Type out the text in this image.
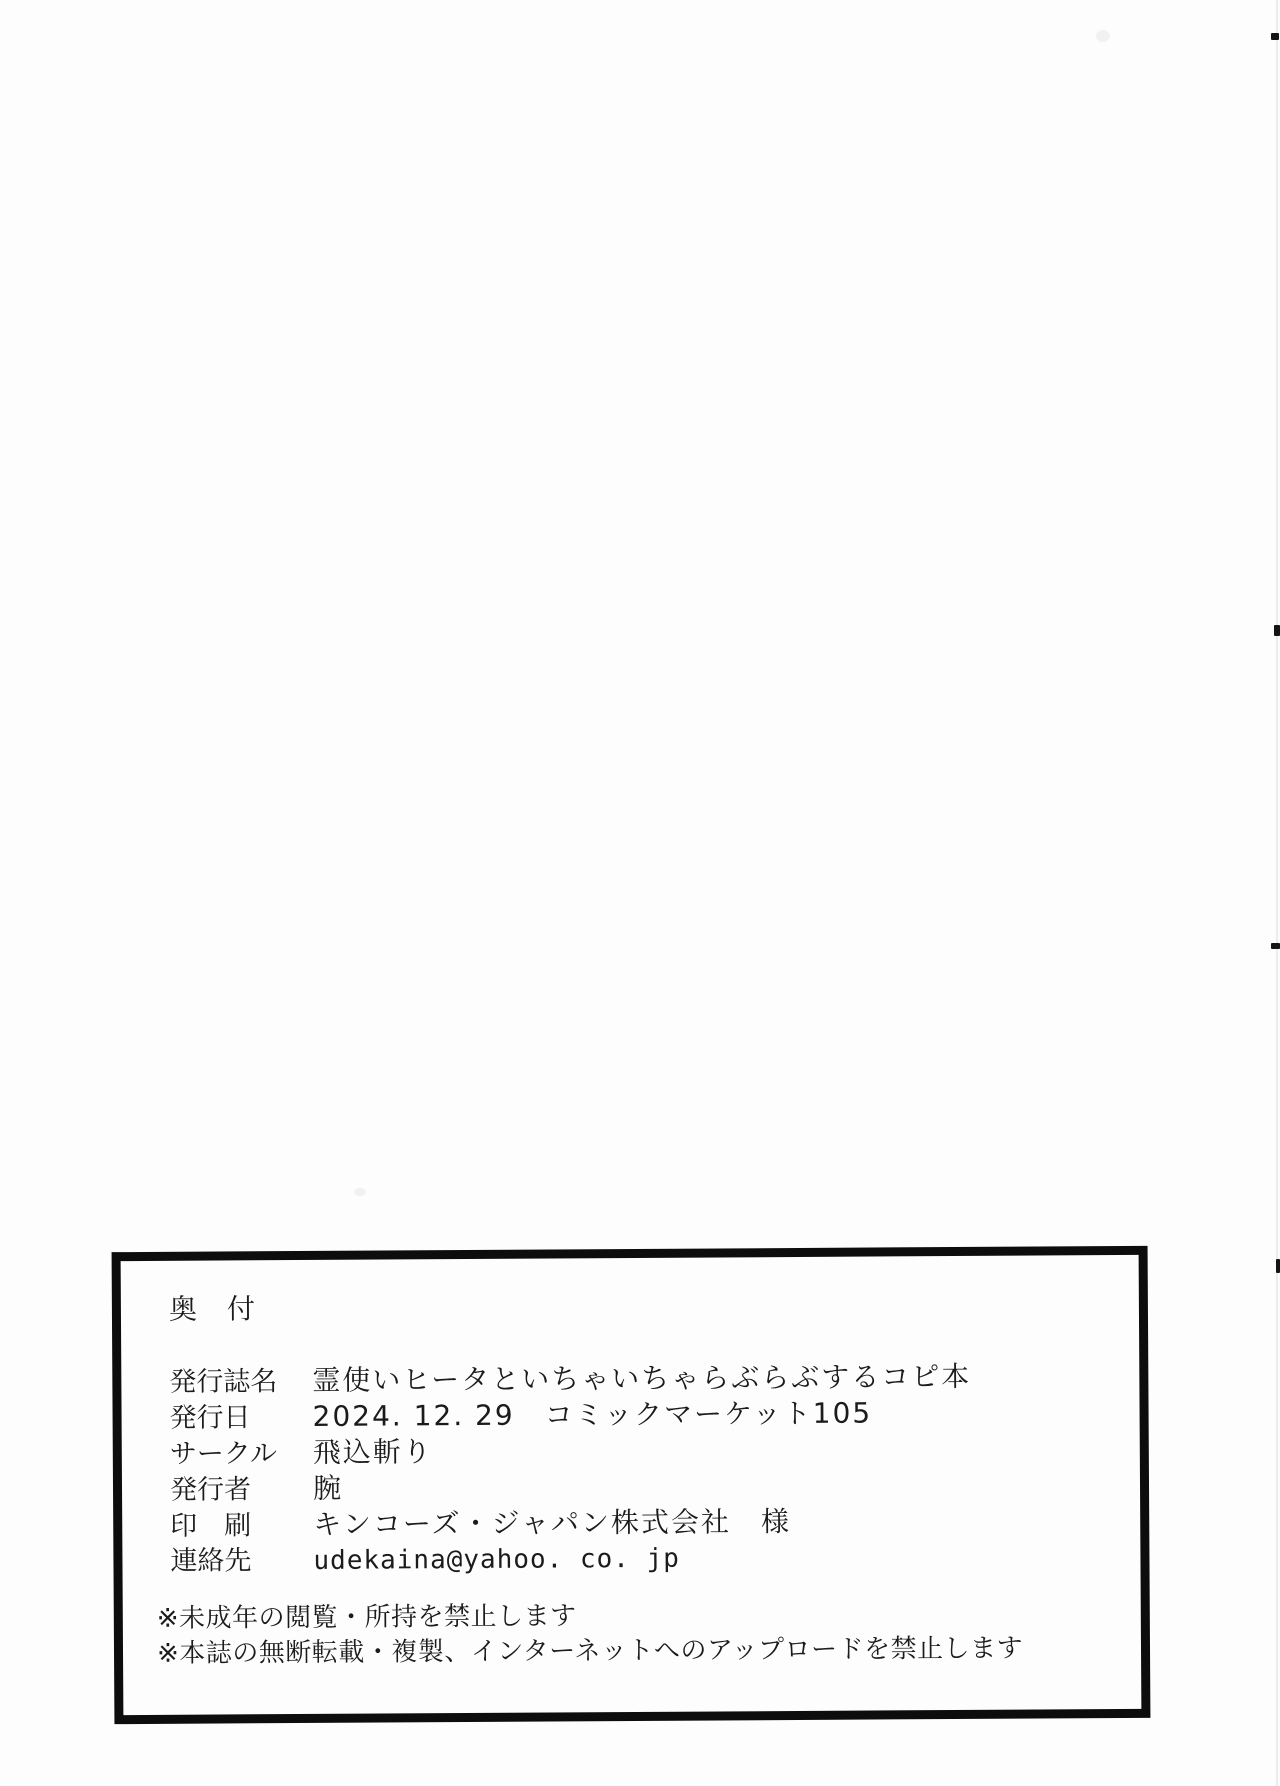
奥　付
発行誌名	霊使いヒータといちゃいちゃらぶらぶするコピ本
発行日	2024. 12. 29　コミックマーケット105
サークル	飛込斬り
発行者	腕
印　刷	キンコーズ・ジャパン株式会社　様
連絡先	udekaina@yahoo. co. jp
※未成年の閲覧・所持を禁止します
※本誌の無断転載・複製、インターネットへのアップロードを禁止します
